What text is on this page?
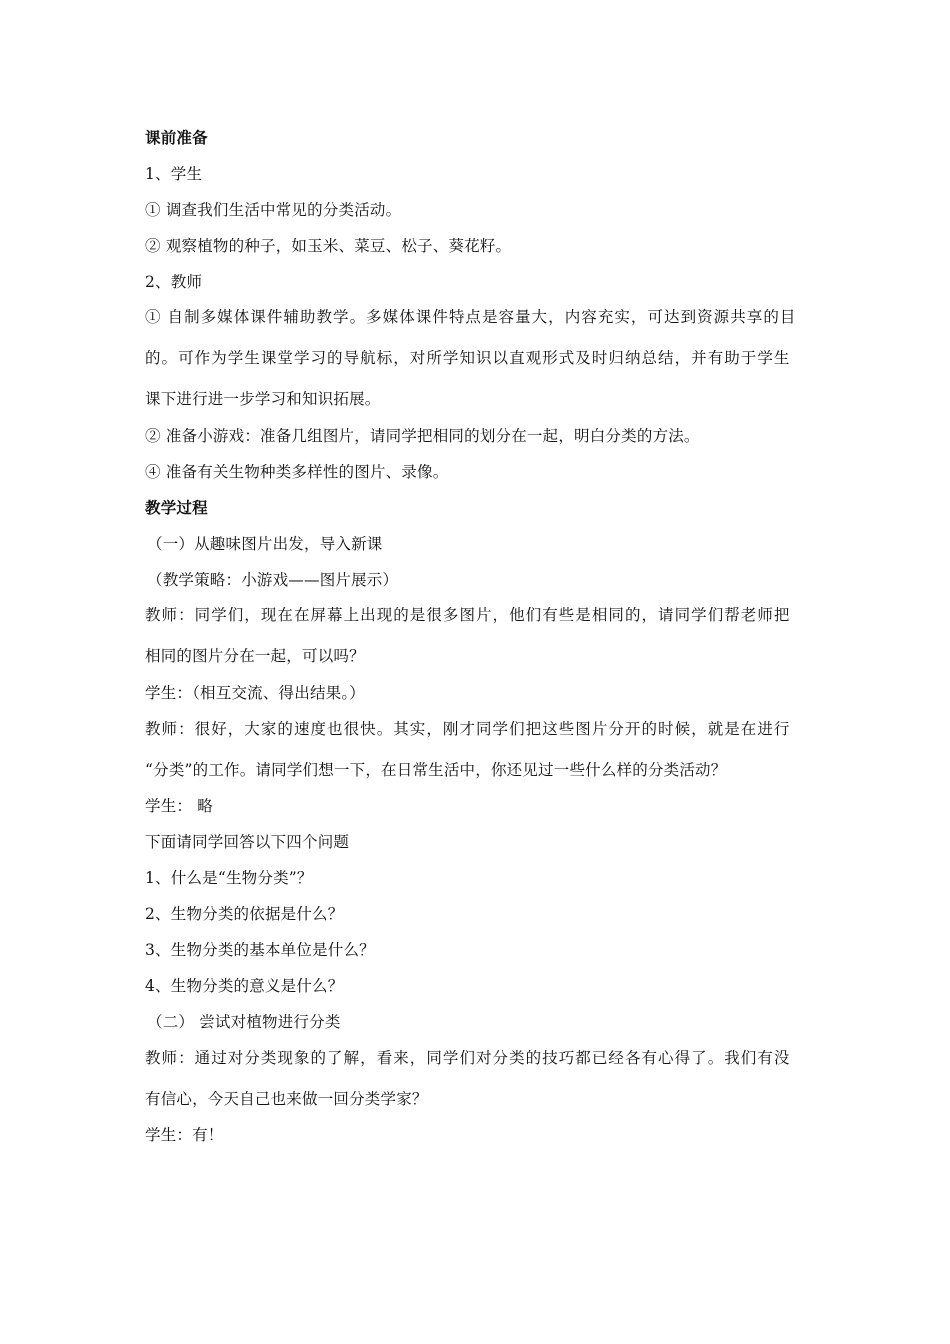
课前准备
1、学生
① 调查我们生活中常见的分类活动。
② 观察植物的种子，如玉米、菜豆、松子、葵花籽。
2、教师
① 自制多媒体课件辅助教学。多媒体课件特点是容量大，内容充实，可达到资源共享的目
的。可作为学生课堂学习的导航标，对所学知识以直观形式及时归纳总结，并有助于学生
课下进行进一步学习和知识拓展。
② 准备小游戏：准备几组图片，请同学把相同的划分在一起，明白分类的方法。
④ 准备有关生物种类多样性的图片、录像。
教学过程
（一）从趣味图片出发，导入新课
（教学策略：小游戏——图片展示）
教师：同学们，现在在屏幕上出现的是很多图片，他们有些是相同的，请同学们帮老师把
相同的图片分在一起，可以吗？
学生：（相互交流、得出结果。）
教师：很好，大家的速度也很快。其实，刚才同学们把这些图片分开的时候，就是在进行
“分类”的工作。请同学们想一下，在日常生活中，你还见过一些什么样的分类活动？
学生： 略
下面请同学回答以下四个问题
1、什么是“生物分类”？
2、生物分类的依据是什么？
3、生物分类的基本单位是什么？
4、生物分类的意义是什么？
（二） 尝试对植物进行分类
教师：通过对分类现象的了解，看来，同学们对分类的技巧都已经各有心得了。我们有没
有信心，今天自己也来做一回分类学家？
学生：有！
